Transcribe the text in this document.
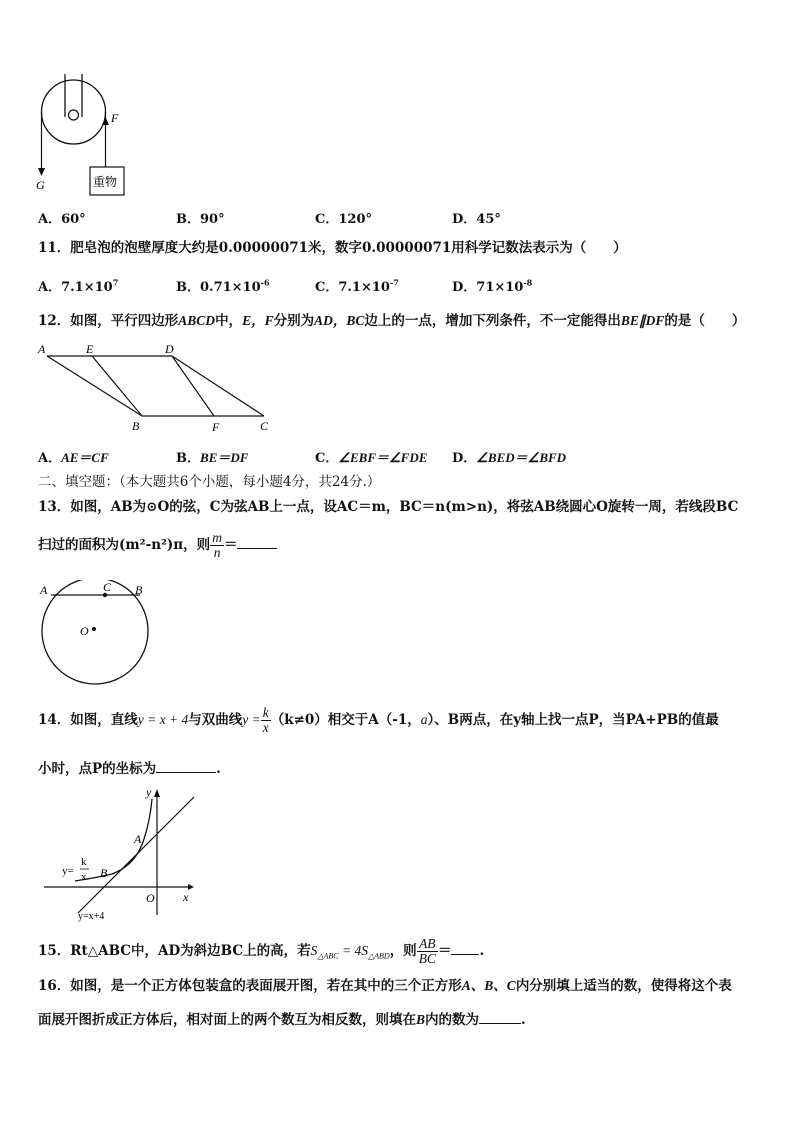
重物
F
G
A．60°	B．90°	C．120°	D．45°
11．肥皂泡的泡壁厚度大约是0.00000071米，数字0.00000071用科学记数法表示为（　　）
A．$7.1\times 10^7$	B．$0.71\times 10^{-6}$	C．$7.1\times 10^{-7}$	D．$71\times 10^{-8}$
12．如图，平行四边形ABCD中，E，F分别为AD，BC边上的一点，增加下列条件，不一定能得出BE∥DF的是（　　）
A	E	D
B	F	C
A．AE＝CF	B．BE＝DF	C．∠EBF＝∠FDE D．∠BED＝∠BFD
二、填空题：（本大题共6个小题，每小题4分，共24分.）
13．如图，AB为⊙O的弦，C为弦AB上一点，设AC＝m，BC＝n(m>n)，将弦AB绕圆心O旋转一周，若线段BC
扫过的面积为(m²-n²)π，则 $\frac{m}{n}$ ＝
A	C B
O
14．如图，直线y = x + 4与双曲线$y = \frac{k}{x} (k\ne 0)$相交于A（-1，a）、B两点，在y轴上找一点P，当PA+PB的值最
小时，点P的坐标为	.
y
x
A
B
O
y=
k
x
y=x+4
15．Rt△ABC中，AD为斜边BC上的高，若$S_{\triangle ABC} = 4S_{\triangle ABD}$，则 $\frac{AB}{BC}$ ＝ .
16．如图，是一个正方体包装盒的表面展开图，若在其中的三个正方形A、B、C内分别填上适当的数，使得将这个表
面展开图折成正方体后，相对面上的两个数互为相反数，则填在B内的数为	.
